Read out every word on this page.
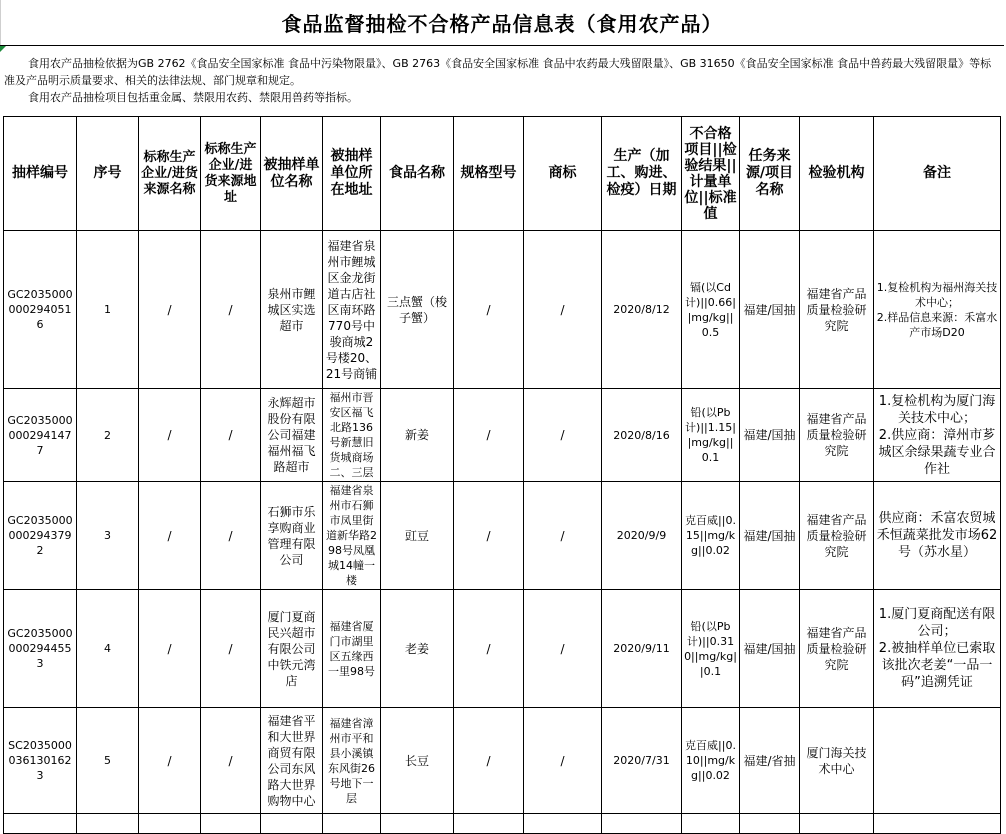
食品监督抽检不合格产品信息表（食用农产品）

食用农产品抽检依据为GB 2762《食品安全国家标准 食品中污染物限量》、GB 2763《食品安全国家标准 食品中农药最大残留限量》、GB 31650《食品安全国家标准 食品中兽药最大残留限量》等标准及产品明示质量要求、相关的法律法规、部门规章和规定。

食用农产品抽检项目包括重金属、禁限用农药、禁限用兽药等指标。

抽样编号	序号	标称生产企业/进货来源名称	标称生产企业/进货来源地址	被抽样单位名称	被抽样单位所在地址	食品名称	规格型号	商标	生产（加工、购进、检疫）日期	不合格项目||检验结果||计量单位||标准值	任务来源/项目名称	检验机构	备注
GC20350000002940516	1	/	/	泉州市鲤城区实选超市	福建省泉州市鲤城区金龙街道古店社区南环路770号中骏商城2号楼20、21号商铺	三点蟹（梭子蟹）	/	/	2020/8/12	镉(以Cd计)||0.66||mg/kg||0.5	福建/国抽	福建省产品质量检验研究院	1.复检机构为福州海关技术中心；
2.样品信息来源：禾富水产市场D20

GC20350000002941477	2	/	/	永辉超市股份有限公司福建福州福飞路超市	福州市晋安区福飞北路136号新慧旧货城商场二、三层	新姜	/	/	2020/8/16	铅(以Pb计)||1.15||mg/kg||0.1	福建/国抽	福建省产品质量检验研究院	1.复检机构为厦门海关技术中心；
2.供应商：漳州市芗城区余绿果蔬专业合作社

GC20350000002943792	3	/	/	石狮市乐享购商业管理有限公司	福建省泉州市石狮市凤里街道新华路298号凤凰城14幢一楼	豇豆	/	/	2020/9/9	克百威||0.15||mg/kg||0.02	福建/国抽	福建省产品质量检验研究院	供应商：禾富农贸城禾恒蔬菜批发市场62号（苏水星）

GC20350000002944553	4	/	/	厦门夏商民兴超市有限公司中铁元湾店	福建省厦门市湖里区五缘西一里98号	老姜	/	/	2020/9/11	铅(以Pb计)||0.310||mg/kg||0.1	福建/国抽	福建省产品质量检验研究院	1.厦门夏商配送有限公司；
2.被抽样单位已索取该批次老姜“一品一码”追溯凭证

SC20350000361301623	5	/	/	福建省平和大世界商贸有限公司东风路大世界购物中心	福建省漳州市平和县小溪镇东风街26号地下一层	长豆	/	/	2020/7/31	克百威||0.10||mg/kg||0.02	福建/省抽	厦门海关技术中心	
